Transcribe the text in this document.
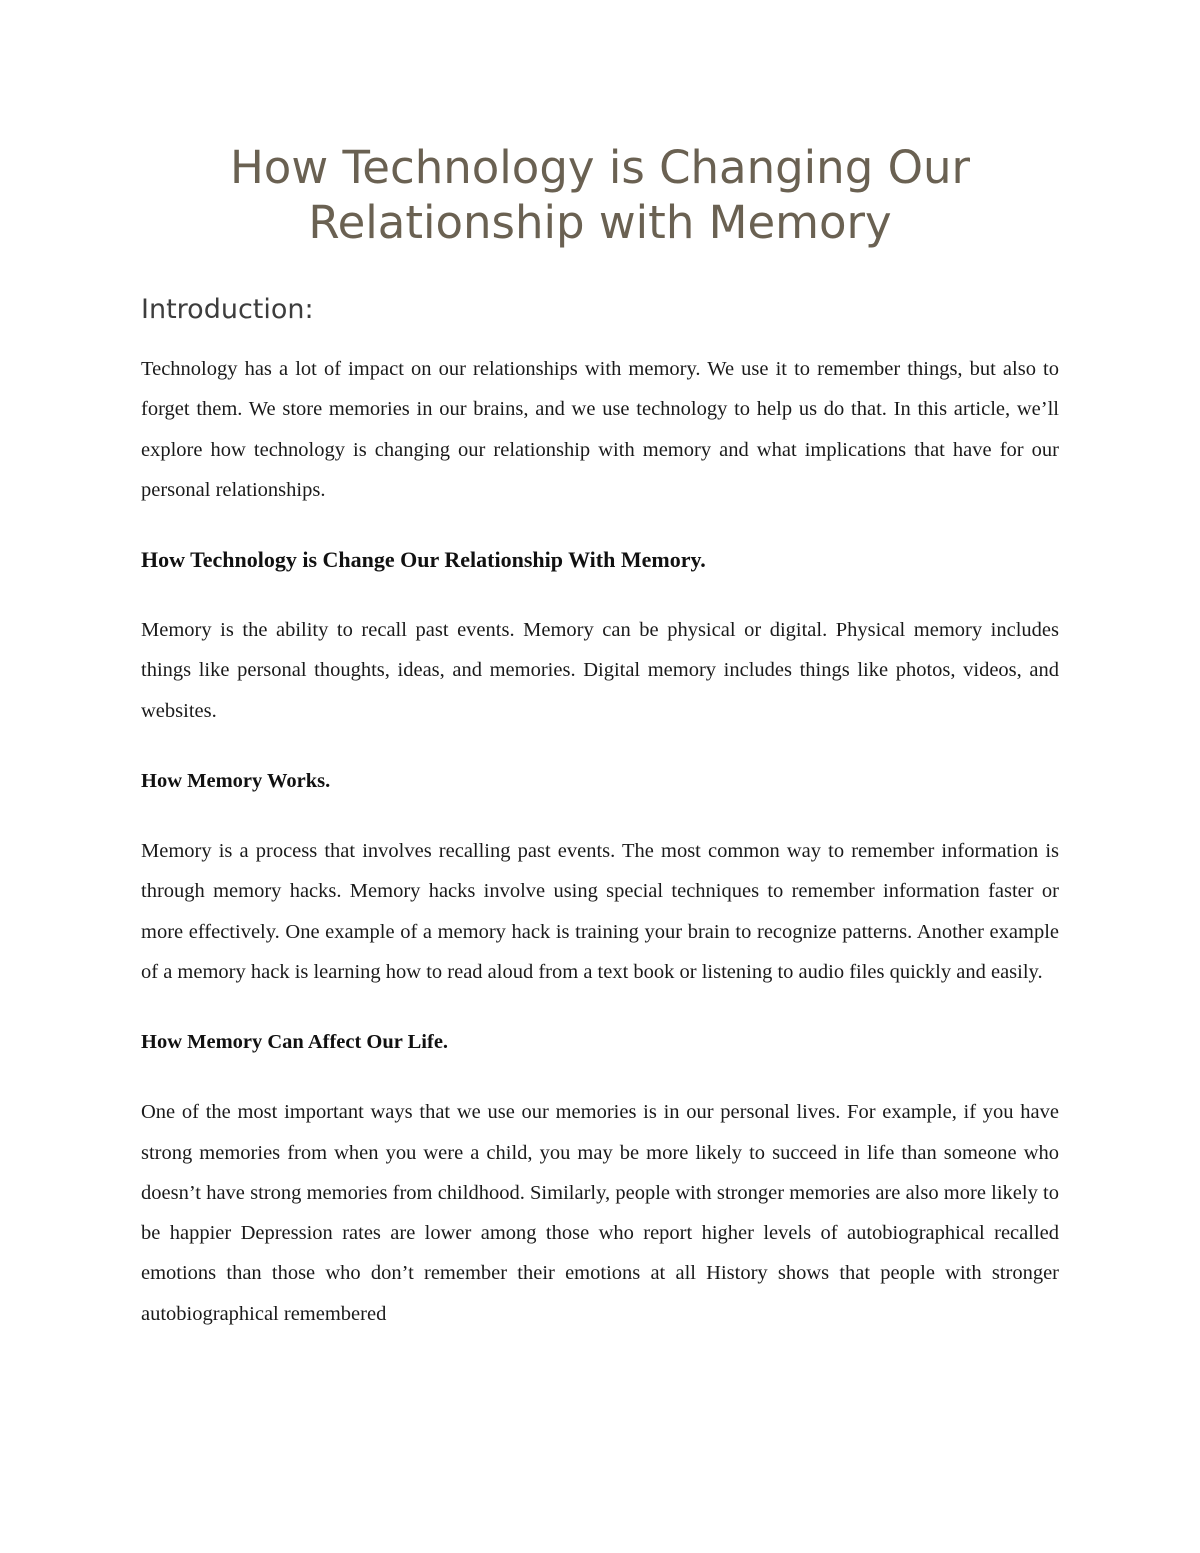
How Technology is Changing Our Relationship with Memory
Introduction:

Technology has a lot of impact on our relationships with memory. We use it to remember things, but also to forget them. We store memories in our brains, and we use technology to help us do that. In this article, we’ll explore how technology is changing our relationship with memory and what implications that have for our personal relationships.

How Technology is Change Our Relationship With Memory.

Memory is the ability to recall past events. Memory can be physical or digital. Physical memory includes things like personal thoughts, ideas, and memories. Digital memory includes things like photos, videos, and websites.

How Memory Works.

Memory is a process that involves recalling past events. The most common way to remember information is through memory hacks. Memory hacks involve using special techniques to remember information faster or more effectively. One example of a memory hack is training your brain to recognize patterns. Another example of a memory hack is learning how to read aloud from a text book or listening to audio files quickly and easily.

How Memory Can Affect Our Life.

One of the most important ways that we use our memories is in our personal lives. For example, if you have strong memories from when you were a child, you may be more likely to succeed in life than someone who doesn’t have strong memories from childhood. Similarly, people with stronger memories are also more likely to be happier Depression rates are lower among those who report higher levels of autobiographical recalled emotions than those who don’t remember their emotions at all History shows that people with stronger autobiographical remembered
